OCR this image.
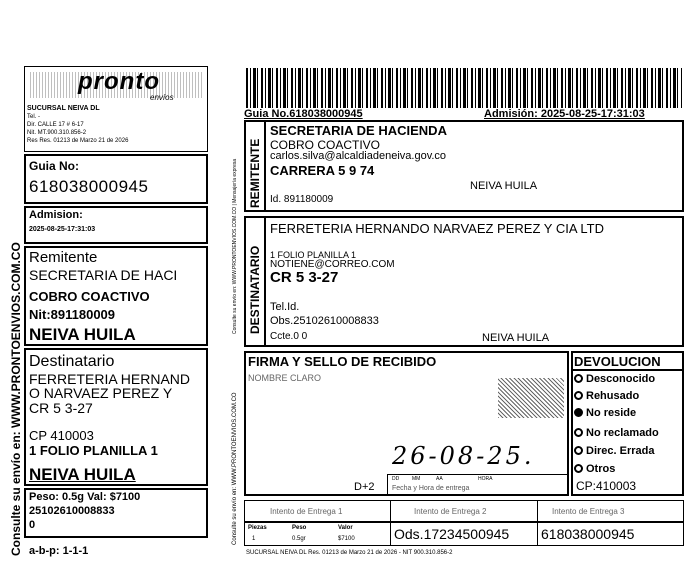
Consulte su envío en: WWW.PRONTOENVIOS.COM.CO
pronto
envíos
SUCURSAL NEIVA DL
Tel. -
Dir. CALLE 17 # 6-17
Nit. MT.900.310.856-2
Res Res. 01213 de Marzo 21 de 2026
Guia No:
618038000945
Admision:
2025-08-25-17:31:03
Remitente
SECRETARIA DE HACI
COBRO COACTIVO
Nit:891180009
NEIVA HUILA
Destinatario
FERRETERIA HERNAND
O NARVAEZ PEREZ Y
CR 5 3-27
CP 410003
1 FOLIO PLANILLA 1
NEIVA HUILA
Peso: 0.5g Val: $7100
25102610008833
0
a-b-p: 1-1-1
Guia No.618038000945	Admisión: 2025-08-25-17:31:03
Consulte su envío en: WWW.PRONTOENVIOS.COM.CO | Mensajería expresa
Consulte su envío en: WWW.PRONTOENVIOS.COM.CO
REMITENTE
SECRETARIA DE HACIENDA
COBRO COACTIVO
carlos.silva@alcaldiadeneiva.gov.co
CARRERA 5 9 74
NEIVA HUILA
Id. 891180009
DESTINATARIO
FERRETERIA HERNANDO NARVAEZ PEREZ Y CIA LTD
1 FOLIO PLANILLA 1
NOTIENE@CORREO.COM
CR 5 3-27
Tel.Id.
Obs.25102610008833
Ccte.0 0	NEIVA HUILA
FIRMA Y SELLO DE RECIBIDO
NOMBRE CLARO
26-08-25.
D+2
DD	MM	AA	HORA
Fecha y Hora de entrega
DEVOLUCION
Desconocido
Rehusado
No reside
No reclamado
Direc. Errada
Otros
CP:410003
Intento de Entrega 1	Intento de Entrega 2	Intento de Entrega 3
Piezas
1
Peso
0.5gr
Valor
$7100	Ods.17234500945 618038000945
SUCURSAL NEIVA DL Res. 01213 de Marzo 21 de 2026 - NIT 900.310.856-2
